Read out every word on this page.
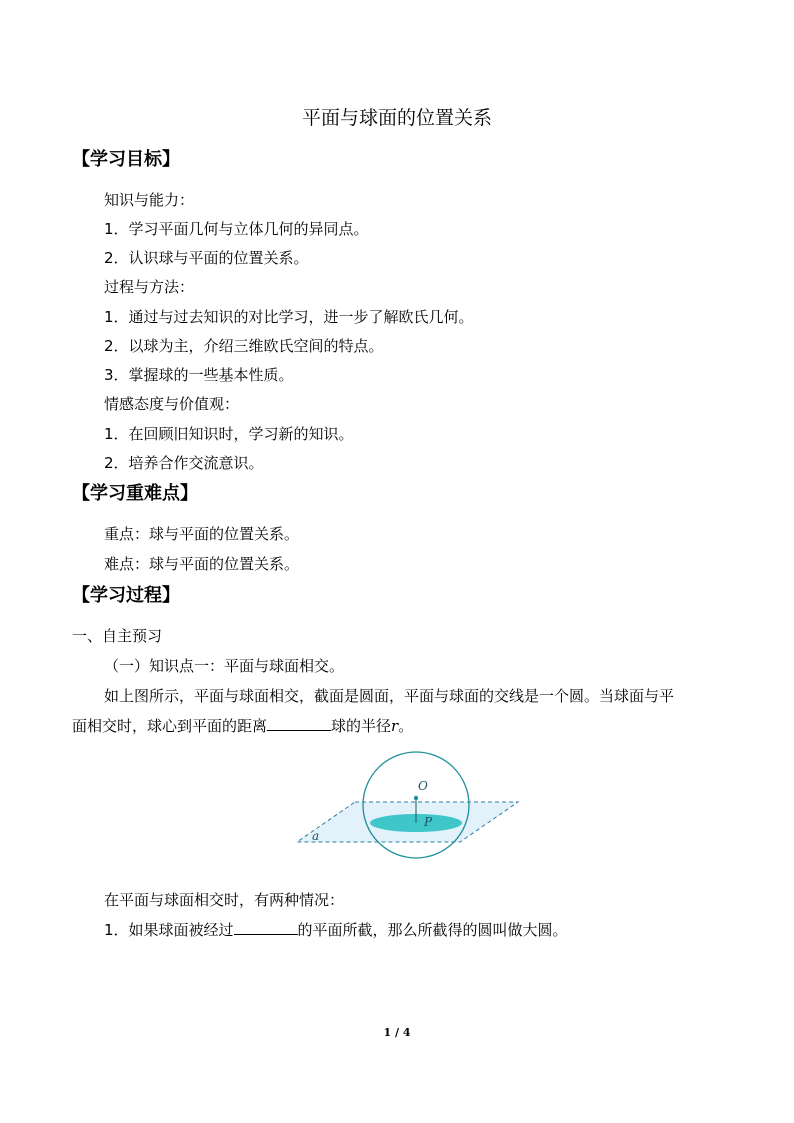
平面与球面的位置关系
【学习目标】
知识与能力：
1．学习平面几何与立体几何的异同点。
2．认识球与平面的位置关系。
过程与方法：
1．通过与过去知识的对比学习，进一步了解欧氏几何。
2．以球为主，介绍三维欧氏空间的特点。
3．掌握球的一些基本性质。
情感态度与价值观：
1．在回顾旧知识时，学习新的知识。
2．培养合作交流意识。
【学习重难点】
重点：球与平面的位置关系。
难点：球与平面的位置关系。
【学习过程】
一、自主预习
（一）知识点一：平面与球面相交。
如上图所示，平面与球面相交，截面是圆面，平面与球面的交线是一个圆。当球面与平
面相交时，球心到平面的距离	球的半径r。
O
P
a
在平面与球面相交时，有两种情况：
1．如果球面被经过	的平面所截，那么所截得的圆叫做大圆。
1 / 4
